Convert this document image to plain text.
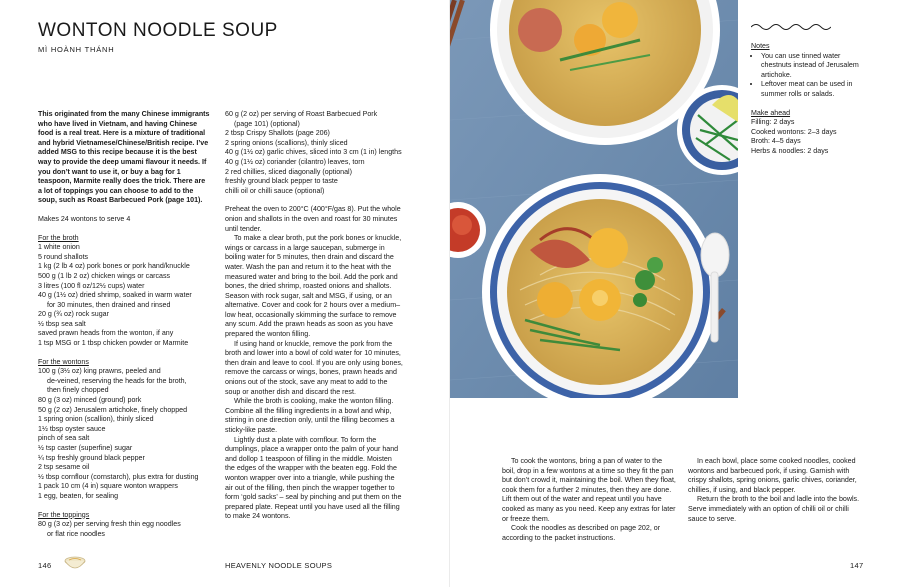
WONTON NOODLE SOUP
MÌ HOÀNH THÁNH

This originated from the many Chinese immigrants who have lived in Vietnam, and having Chinese food is a real treat. Here is a mixture of traditional and hybrid Vietnamese/Chinese/British recipe. I’ve added MSG to this recipe because it is the best way to provide the deep umami flavour it needs. If you don’t want to use it, or buy a bag for 1 teaspoon, Marmite really does the trick. There are a lot of toppings you can choose to add to the soup, such as Roast Barbecued Pork (page 101).

Makes 24 wontons to serve 4

For the broth

1 white onion

5 round shallots

1 kg (2 lb 4 oz) pork bones or pork hand/knuckle

500 g (1 lb 2 oz) chicken wings or carcass

3 litres (100 fl oz/12½ cups) water

40 g (1½ oz) dried shrimp, soaked in warm water

for 30 minutes, then drained and rinsed

20 g (¾ oz) rock sugar

½ tbsp sea salt

saved prawn heads from the wonton, if any

1 tsp MSG or 1 tbsp chicken powder or Marmite

For the wontons

100 g (3½ oz) king prawns, peeled and

de-veined, reserving the heads for the broth,

then finely chopped

80 g (3 oz) minced (ground) pork

50 g (2 oz) Jerusalem artichoke, finely chopped

1 spring onion (scallion), thinly sliced

1½ tbsp oyster sauce

pinch of sea salt

½ tsp caster (superfine) sugar

¼ tsp freshly ground black pepper

2 tsp sesame oil

½ tbsp cornflour (cornstarch), plus extra for dusting

1 pack 10 cm (4 in) square wonton wrappers

1 egg, beaten, for sealing

For the toppings

80 g (3 oz) per serving fresh thin egg noodles

or flat rice noodles

60 g (2 oz) per serving of Roast Barbecued Pork

(page 101) (optional)

2 tbsp Crispy Shallots (page 206)

2 spring onions (scallions), thinly sliced

40 g (1½ oz) garlic chives, sliced into 3 cm (1 in) lengths

40 g (1½ oz) coriander (cilantro) leaves, torn

2 red chillies, sliced diagonally (optional)

freshly ground black pepper to taste

chilli oil or chilli sauce (optional)

Preheat the oven to 200°C (400°F/gas 8). Put the whole onion and shallots in the oven and roast for 30 minutes until tender.

To make a clear broth, put the pork bones or knuckle, wings or carcass in a large saucepan, submerge in boiling water for 5 minutes, then drain and discard the water. Wash the pan and return it to the heat with the measured water and bring to the boil. Add the pork and bones, the dried shrimp, roasted onions and shallots. Season with rock sugar, salt and MSG, if using, or an alternative. Cover and cook for 2 hours over a medium–low heat, occasionally skimming the surface to remove any scum. Add the prawn heads as soon as you have prepared the wonton filling.

If using hand or knuckle, remove the pork from the broth and lower into a bowl of cold water for 10 minutes, then drain and leave to cool. If you are only using bones, remove the carcass or wings, bones, prawn heads and onions out of the stock, save any meat to add to the soup or another dish and discard the rest.

While the broth is cooking, make the wonton filling. Combine all the filling ingredients in a bowl and whip, stirring in one direction only, until the filling becomes a sticky-like paste.

Lightly dust a plate with cornflour. To form the dumplings, place a wrapper onto the palm of your hand and dollop 1 teaspoon of filling in the middle. Moisten the edges of the wrapper with the beaten egg. Fold the wonton wrapper over into a triangle, while pushing the air out of the filling, then pinch the wrapper together to form ‘gold sacks’ – seal by pinching and put them on the prepared plate. Repeat until you have used all the filling to make 24 wontons.

146	HEAVENLY NOODLE SOUPS

Notes

• You can use tinned water chestnuts instead of Jerusalem artichoke.
• Leftover meat can be used in summer rolls or salads.

Make ahead

Filling: 2 days

Cooked wontons: 2–3 days

Broth: 4–5 days

Herbs & noodles: 2 days

To cook the wontons, bring a pan of water to the boil, drop in a few wontons at a time so they fit the pan but don’t crowd it, maintaining the boil. When they float, cook them for a further 2 minutes, then they are done. Lift them out of the water and repeat until you have cooked as many as you need. Keep any extras for later or freeze them.

Cook the noodles as described on page 202, or according to the packet instructions.

In each bowl, place some cooked noodles, cooked wontons and barbecued pork, if using. Garnish with crispy shallots, spring onions, garlic chives, coriander, chillies, if using, and black pepper.

Return the broth to the boil and ladle into the bowls. Serve immediately with an option of chilli oil or chilli sauce to serve.

147
